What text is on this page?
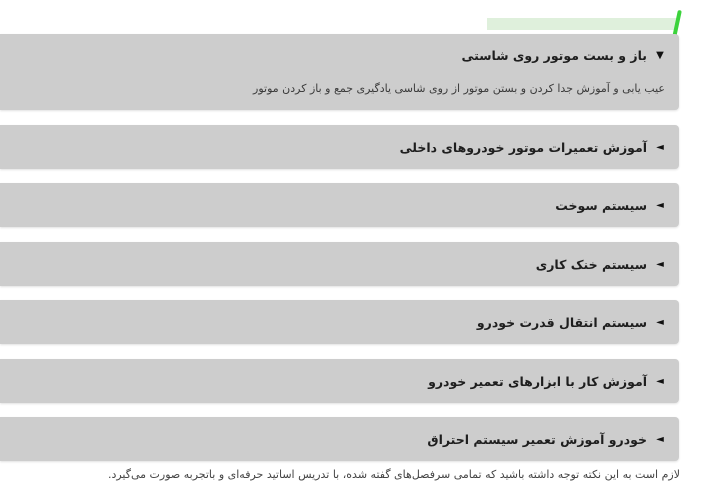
▼
باز و بست موتور روی شاستی
عیب یابی و آموزش جدا کردن و بستن موتور از روی شاسی یادگیری جمع و باز کردن موتور
◄
آموزش تعمیرات موتور خودروهای داخلی
◄
سیستم سوخت
◄
سیستم خنک کاری
◄
سیستم انتقال قدرت خودرو
◄
آموزش کار با ابزارهای تعمیر خودرو
◄
خودرو آموزش تعمیر سیستم احتراق
لازم است به این نکته توجه داشته باشید که تمامی سرفصل‌های گفته شده، با تدریس اساتید حرفه‌ای و باتجربه صورت می‌گیرد.
